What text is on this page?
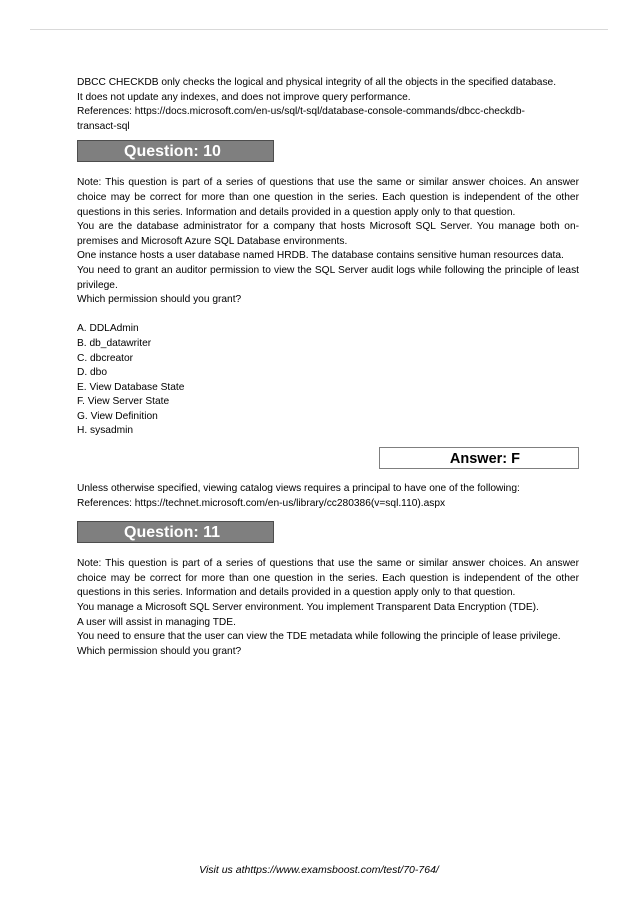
DBCC CHECKDB only checks the logical and physical integrity of all the objects in the specified database.

It does not update any indexes, and does not improve query performance.

References: https://docs.microsoft.com/en-us/sql/t-sql/database-console-commands/dbcc-checkdb-

transact-sql

Question: 10

Note: This question is part of a series of questions that use the same or similar answer choices. An answer choice may be correct for more than one question in the series. Each question is independent of the other questions in this series. Information and details provided in a question apply only to that question.

You are the database administrator for a company that hosts Microsoft SQL Server. You manage both on-premises and Microsoft Azure SQL Database environments.

One instance hosts a user database named HRDB. The database contains sensitive human resources data.

You need to grant an auditor permission to view the SQL Server audit logs while following the principle of least privilege.

Which permission should you grant?

A. DDLAdmin

B. db_datawriter

C. dbcreator

D. dbo

E. View Database State

F. View Server State

G. View Definition

H. sysadmin

Answer: F

Unless otherwise specified, viewing catalog views requires a principal to have one of the following:

References: https://technet.microsoft.com/en-us/library/cc280386(v=sql.110).aspx

Question: 11

Note: This question is part of a series of questions that use the same or similar answer choices. An answer choice may be correct for more than one question in the series. Each question is independent of the other questions in this series. Information and details provided in a question apply only to that question.

You manage a Microsoft SQL Server environment. You implement Transparent Data Encryption (TDE).

A user will assist in managing TDE.

You need to ensure that the user can view the TDE metadata while following the principle of lease privilege.

Which permission should you grant?

Visit us athttps://www.examsboost.com/test/70-764/
